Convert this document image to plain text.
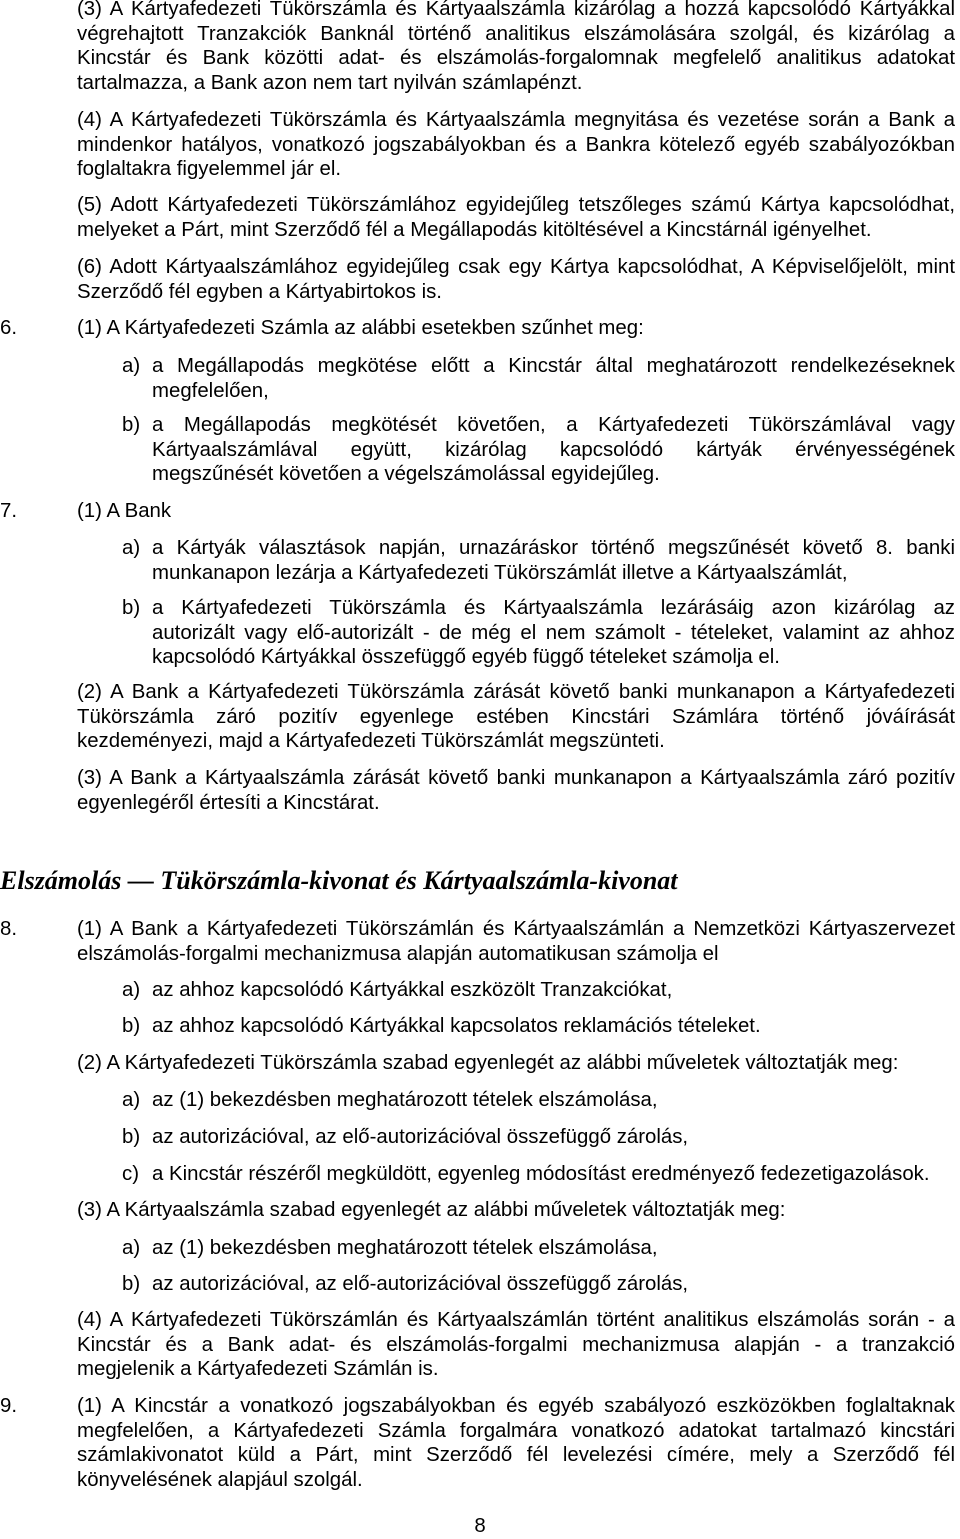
(3) A Kártyafedezeti Tükörszámla és Kártyaalszámla kizárólag a hozzá kapcsolódó Kártyákkal
végrehajtott Tranzakciók Banknál történő analitikus elszámolására szolgál, és kizárólag a
Kincstár és Bank közötti adat- és elszámolás-forgalomnak megfelelő analitikus adatokat
tartalmazza, a Bank azon nem tart nyilván számlapénzt.
(4) A Kártyafedezeti Tükörszámla és Kártyaalszámla megnyitása és vezetése során a Bank a
mindenkor hatályos, vonatkozó jogszabályokban és a Bankra kötelező egyéb szabályozókban
foglaltakra figyelemmel jár el.
(5) Adott Kártyafedezeti Tükörszámlához egyidejűleg tetszőleges számú Kártya kapcsolódhat,
melyeket a Párt, mint Szerződő fél a Megállapodás kitöltésével a Kincstárnál igényelhet.
(6) Adott Kártyaalszámlához egyidejűleg csak egy Kártya kapcsolódhat, A Képviselőjelölt, mint
Szerződő fél egyben a Kártyabirtokos is.
6.	(1) A Kártyafedezeti Számla az alábbi esetekben szűnhet meg:
a) a Megállapodás megkötése előtt a Kincstár által meghatározott rendelkezéseknek
megfelelően,
b) a Megállapodás megkötését követően, a Kártyafedezeti Tükörszámlával vagy
Kártyaalszámlával együtt, kizárólag kapcsolódó kártyák érvényességének
megszűnését követően a végelszámolással egyidejűleg.
7.	(1) A Bank
a) a Kártyák választások napján, urnazáráskor történő megszűnését követő 8. banki
munkanapon lezárja a Kártyafedezeti Tükörszámlát illetve a Kártyaalszámlát,
b) a Kártyafedezeti Tükörszámla és Kártyaalszámla lezárásáig azon kizárólag az
autorizált vagy elő-autorizált - de még el nem számolt - tételeket, valamint az ahhoz
kapcsolódó Kártyákkal összefüggő egyéb függő tételeket számolja el.
(2) A Bank a Kártyafedezeti Tükörszámla zárását követő banki munkanapon a Kártyafedezeti
Tükörszámla záró pozitív egyenlege estében Kincstári Számlára történő jóváírását
kezdeményezi, majd a Kártyafedezeti Tükörszámlát megszünteti.
(3) A Bank a Kártyaalszámla zárását követő banki munkanapon a Kártyaalszámla záró pozitív
egyenlegéről értesíti a Kincstárat.
Elszámolás — Tükörszámla-kivonat és Kártyaalszámla-kivonat
8.	(1) A Bank a Kártyafedezeti Tükörszámlán és Kártyaalszámlán a Nemzetközi Kártyaszervezet
elszámolás-forgalmi mechanizmusa alapján automatikusan számolja el
a) az ahhoz kapcsolódó Kártyákkal eszközölt Tranzakciókat,
b) az ahhoz kapcsolódó Kártyákkal kapcsolatos reklamációs tételeket.
(2) A Kártyafedezeti Tükörszámla szabad egyenlegét az alábbi műveletek változtatják meg:
a) az (1) bekezdésben meghatározott tételek elszámolása,
b) az autorizációval, az elő-autorizációval összefüggő zárolás,
c) a Kincstár részéről megküldött, egyenleg módosítást eredményező fedezetigazolások.
(3) A Kártyaalszámla szabad egyenlegét az alábbi műveletek változtatják meg:
a) az (1) bekezdésben meghatározott tételek elszámolása,
b) az autorizációval, az elő-autorizációval összefüggő zárolás,
(4) A Kártyafedezeti Tükörszámlán és Kártyaalszámlán történt analitikus elszámolás során - a
Kincstár és a Bank adat- és elszámolás-forgalmi mechanizmusa alapján - a tranzakció
megjelenik a Kártyafedezeti Számlán is.
9.	(1) A Kincstár a vonatkozó jogszabályokban és egyéb szabályozó eszközökben foglaltaknak
megfelelően, a Kártyafedezeti Számla forgalmára vonatkozó adatokat tartalmazó kincstári
számlakivonatot küld a Párt, mint Szerződő fél levelezési címére, mely a Szerződő fél
könyvelésének alapjául szolgál.
8
